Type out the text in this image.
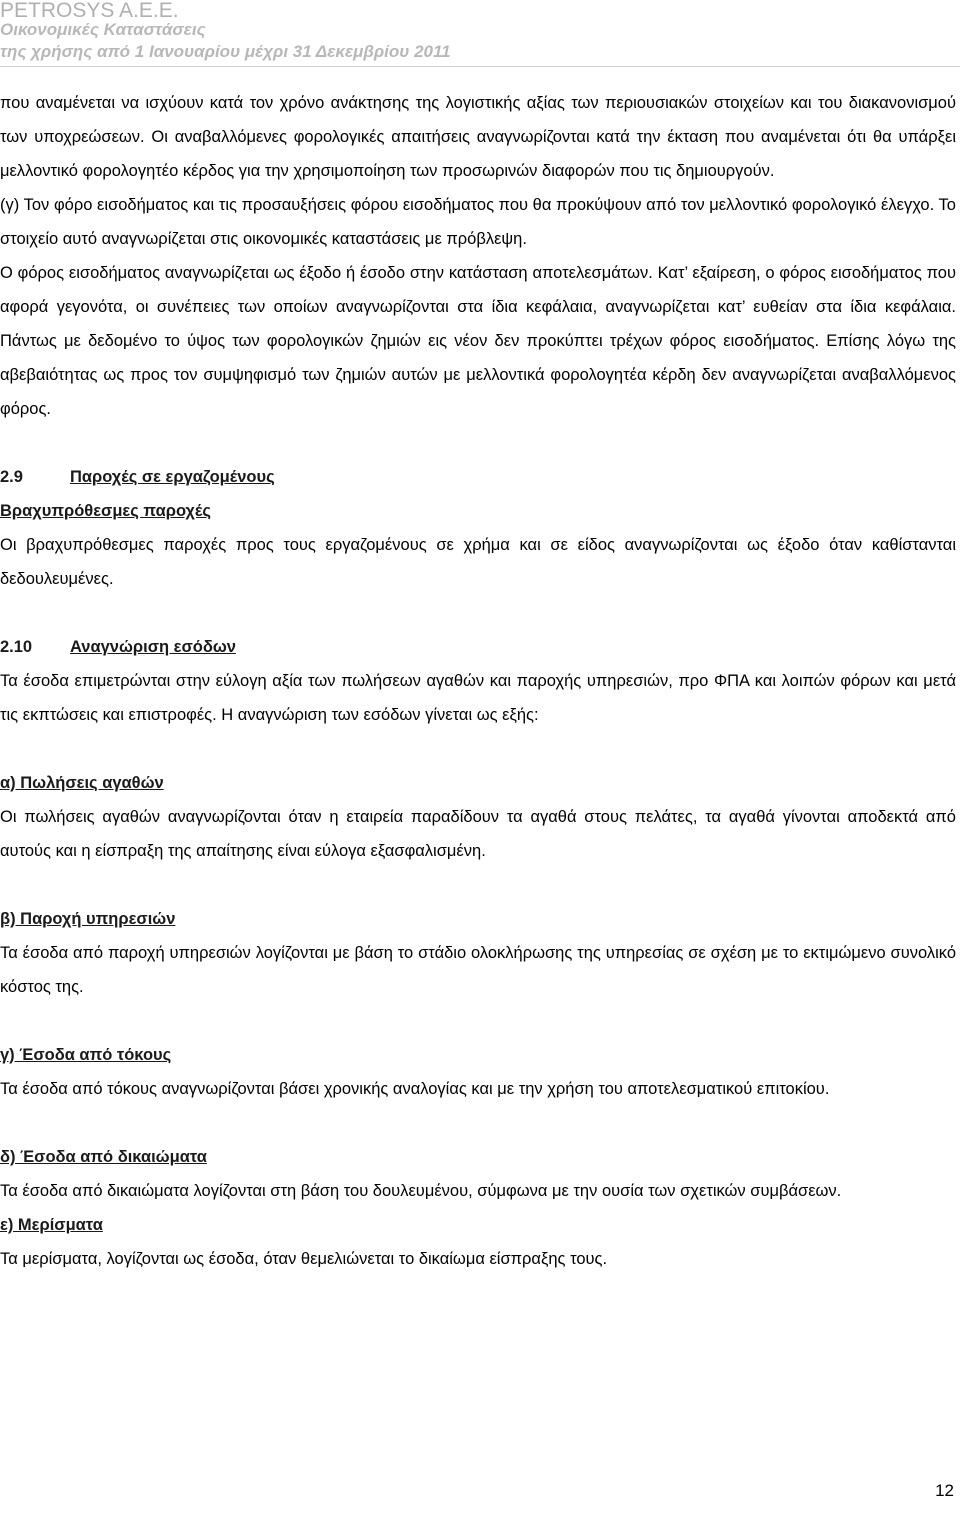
PETROSYS A.E.E.
Οικονομικές Καταστάσεις
της χρήσης από 1 Ιανουαρίου μέχρι 31 Δεκεμβρίου 2011

που αναμένεται να ισχύουν κατά τον χρόνο ανάκτησης της λογιστικής αξίας των περιουσιακών στοιχείων και του διακανονισμού των υποχρεώσεων. Οι αναβαλλόμενες φορολογικές απαιτήσεις αναγνωρίζονται κατά την έκταση που αναμένεται ότι θα υπάρξει μελλοντικό φορολογητέο κέρδος για την χρησιμοποίηση των προσωρινών διαφορών που τις δημιουργούν.

(γ) Τον φόρο εισοδήματος και τις προσαυξήσεις φόρου εισοδήματος που θα προκύψουν από τον μελλοντικό φορολογικό έλεγχο. Το στοιχείο αυτό αναγνωρίζεται στις οικονομικές καταστάσεις με πρόβλεψη.

Ο φόρος εισοδήματος αναγνωρίζεται ως έξοδο ή έσοδο στην κατάσταση αποτελεσμάτων. Κατ’ εξαίρεση, ο φόρος εισοδήματος που αφορά γεγονότα, οι συνέπειες των οποίων αναγνωρίζονται στα ίδια κεφάλαια, αναγνωρίζεται κατ’ ευθείαν στα ίδια κεφάλαια. Πάντως με δεδομένο το ύψος των φορολογικών ζημιών εις νέον δεν προκύπτει τρέχων φόρος εισοδήματος. Επίσης λόγω της αβεβαιότητας ως προς τον συμψηφισμό των ζημιών αυτών με μελλοντικά φορολογητέα κέρδη δεν αναγνωρίζεται αναβαλλόμενος φόρος.

2.9	Παροχές σε εργαζομένους
Βραχυπρόθεσμες παροχές

Οι βραχυπρόθεσμες παροχές προς τους εργαζομένους σε χρήμα και σε είδος αναγνωρίζονται ως έξοδο όταν καθίστανται δεδουλευμένες.

2.10 Αναγνώριση εσόδων

Τα έσοδα επιμετρώνται στην εύλογη αξία των πωλήσεων αγαθών και παροχής υπηρεσιών, προ ΦΠΑ και λοιπών φόρων και μετά τις εκπτώσεις και επιστροφές. Η αναγνώριση των εσόδων γίνεται ως εξής:

α) Πωλήσεις αγαθών

Οι πωλήσεις αγαθών αναγνωρίζονται όταν η εταιρεία παραδίδουν τα αγαθά στους πελάτες, τα αγαθά γίνονται αποδεκτά από αυτούς και η είσπραξη της απαίτησης είναι εύλογα εξασφαλισμένη.

β) Παροχή υπηρεσιών

Τα έσοδα από παροχή υπηρεσιών λογίζονται με βάση το στάδιο ολοκλήρωσης της υπηρεσίας σε σχέση με το εκτιμώμενο συνολικό κόστος της.

γ) Έσοδα από τόκους

Τα έσοδα από τόκους αναγνωρίζονται βάσει χρονικής αναλογίας και με την χρήση του αποτελεσματικού επιτοκίου.

δ) Έσοδα από δικαιώματα

Τα έσοδα από δικαιώματα λογίζονται στη βάση του δουλευμένου, σύμφωνα με την ουσία των σχετικών συμβάσεων.

ε) Μερίσματα

Τα μερίσματα, λογίζονται ως έσοδα, όταν θεμελιώνεται το δικαίωμα είσπραξης τους.

12
